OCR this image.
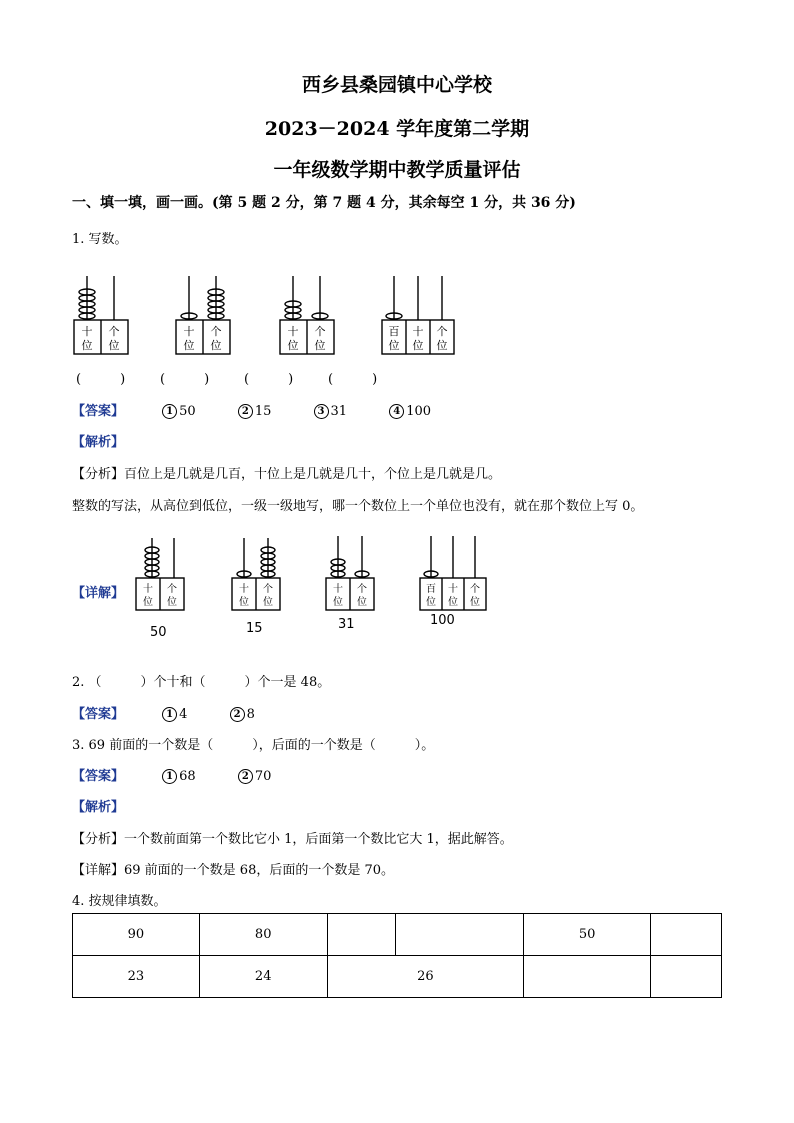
西乡县桑园镇中心学校
2023－2024 学年度第二学期
一年级数学期中教学质量评估
一、填一填，画一画。(第 5 题 2 分，第 7 题 4 分，其余每空 1 分，共 36 分)
1. 写数。
十
位
个
位
十
位
个
位
十
位
个
位
百
位
十
位
个
位
(　　　)	(　　　)	(　　　)	(　　　)
【答案】	1 50	2 15	3 31	4 100
【解析】
【分析】百位上是几就是几百，十位上是几就是几十，个位上是几就是几。
整数的写法，从高位到低位，一级一级地写，哪一个数位上一个单位也没有，就在那个数位上写 0。
【详解】 十
位
个
位
十
位
个
位
十
位
个
位
百
位
十
位
个
位
50	15	31	100
2. （　　　）个十和（　　　）个一是 48。
【答案】	1 4	2 8
3. 69 前面的一个数是（　　　），后面的一个数是（　　　）。
【答案】	1 68	2 70
【解析】
【分析】一个数前面第一个数比它小 1，后面第一个数比它大 1，据此解答。
【详解】69 前面的一个数是 68，后面的一个数是 70。
4. 按规律填数。
90	80			50	
23	24	26			
